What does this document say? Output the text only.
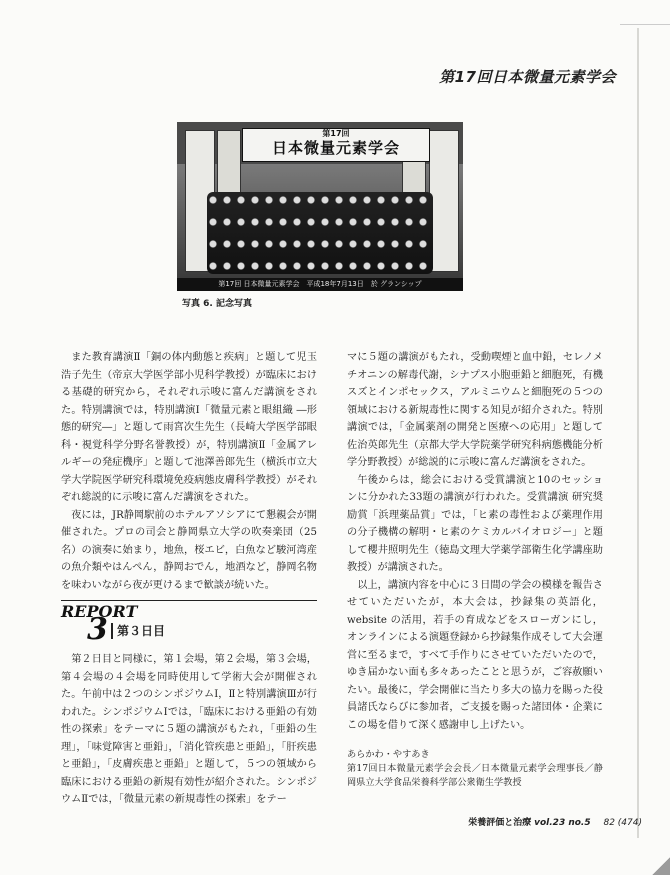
第17回日本微量元素学会
第17回
日本微量元素学会
第17回 日本微量元素学会　平成18年7月13日　於 グランシップ
写真 6. 記念写真

また教育講演Ⅱ「銅の体内動態と疾病」と題して児玉浩子先生（帝京大学医学部小児科学教授）が臨床における基礎的研究から，それぞれ示唆に富んだ講演をされた。特別講演では，特別講演Ⅰ「微量元素と眼組織 ―形態的研究―」と題して雨宮次生先生（長崎大学医学部眼科・視覚科学分野名誉教授）が，特別講演Ⅱ「金属アレルギーの発症機序」と題して池澤善郎先生（横浜市立大学大学院医学研究科環境免疫病態皮膚科学教授）がそれぞれ総説的に示唆に富んだ講演をされた。

夜には，JR静岡駅前のホテルアソシアにて懇親会が開催された。プロの司会と静岡県立大学の吹奏楽団（25名）の演奏に始まり，地魚，桜エビ，白魚など駿河湾産の魚介類やはんぺん，静岡おでん，地酒など，静岡名物を味わいながら夜が更けるまで歓談が続いた。

REPORT
3 第３日目

第２日目と同様に，第１会場，第２会場，第３会場，第４会場の４会場を同時使用して学術大会が開催された。午前中は２つのシンポジウムⅠ，Ⅱと特別講演Ⅲが行われた。シンポジウムⅠでは，「臨床における亜鉛の有効性の探索」をテーマに５題の講演がもたれ，「亜鉛の生理」，「味覚障害と亜鉛」，「消化管疾患と亜鉛」，「肝疾患と亜鉛」，「皮膚疾患と亜鉛」と題して，５つの領域から臨床における亜鉛の新規有効性が紹介された。シンポジウムⅡでは，「微量元素の新規毒性の探索」をテー

マに５題の講演がもたれ，受動喫煙と血中鉛，セレノメチオニンの解毒代謝，シナプス小胞亜鉛と細胞死，有機スズとインポセックス，アルミニウムと細胞死の５つの領域における新規毒性に関する知見が紹介された。特別講演では，「金属薬剤の開発と医療への応用」と題して佐治英郎先生（京都大学大学院薬学研究科病態機能分析学分野教授）が総説的に示唆に富んだ講演をされた。

午後からは，総会における受賞講演と10のセッションに分かれた33題の講演が行われた。受賞講演 研究奨励賞「浜理薬品賞」では，「ヒ素の毒性および薬理作用の分子機構の解明・ヒ素のケミカルバイオロジー」と題して櫻井照明先生（徳島文理大学薬学部衛生化学講座助教授）が講演された。

以上，講演内容を中心に３日間の学会の模様を報告させていただいたが，本大会は，抄録集の英語化，website の活用，若手の育成などをスローガンにし，オンラインによる演題登録から抄録集作成そして大会運営に至るまで，すべて手作りにさせていただいたので，ゆき届かない面も多々あったことと思うが，ご容赦願いたい。最後に，学会開催に当たり多大の協力を賜った役員諸氏ならびに参加者，ご支援を賜った諸団体・企業にこの場を借りて深く感謝申し上げたい。

あらかわ・やすあき
第17回日本微量元素学会会長／日本微量元素学会理事長／静岡県立大学食品栄養科学部公衆衛生学教授
栄養評価と治療 vol.23 no.5 82 (474)
